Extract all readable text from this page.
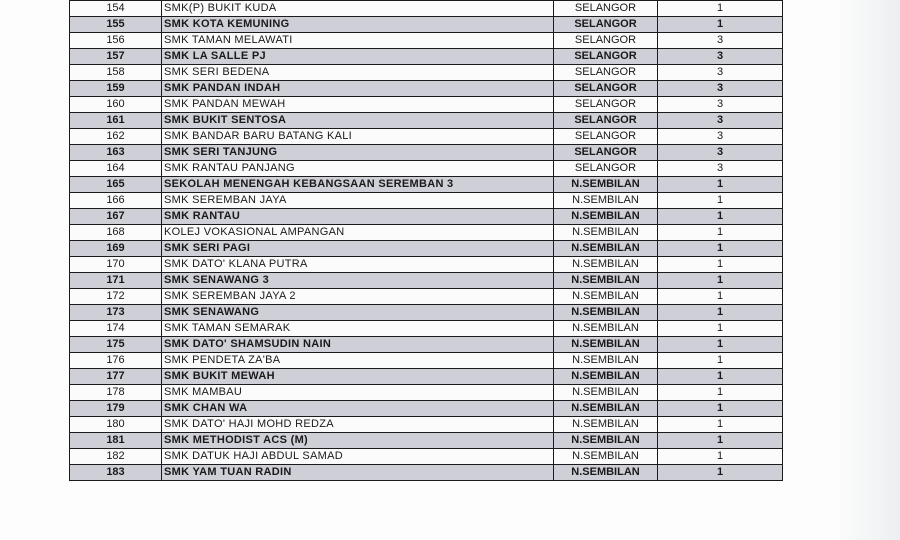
154	SMK(P) BUKIT KUDA	SELANGOR	1
155	SMK KOTA KEMUNING	SELANGOR	1
156	SMK TAMAN MELAWATI	SELANGOR	3
157	SMK LA SALLE PJ	SELANGOR	3
158	SMK SERI BEDENA	SELANGOR	3
159	SMK PANDAN INDAH	SELANGOR	3
160	SMK PANDAN MEWAH	SELANGOR	3
161	SMK BUKIT SENTOSA	SELANGOR	3
162	SMK BANDAR BARU BATANG KALI	SELANGOR	3
163	SMK SERI TANJUNG	SELANGOR	3
164	SMK RANTAU PANJANG	SELANGOR	3
165	SEKOLAH MENENGAH KEBANGSAAN SEREMBAN 3	N.SEMBILAN	1
166	SMK SEREMBAN JAYA	N.SEMBILAN	1
167	SMK RANTAU	N.SEMBILAN	1
168	KOLEJ VOKASIONAL AMPANGAN	N.SEMBILAN	1
169	SMK SERI PAGI	N.SEMBILAN	1
170	SMK DATO' KLANA PUTRA	N.SEMBILAN	1
171	SMK SENAWANG 3	N.SEMBILAN	1
172	SMK SEREMBAN JAYA 2	N.SEMBILAN	1
173	SMK SENAWANG	N.SEMBILAN	1
174	SMK TAMAN SEMARAK	N.SEMBILAN	1
175	SMK DATO' SHAMSUDIN NAIN	N.SEMBILAN	1
176	SMK PENDETA ZA'BA	N.SEMBILAN	1
177	SMK BUKIT MEWAH	N.SEMBILAN	1
178	SMK MAMBAU	N.SEMBILAN	1
179	SMK CHAN WA	N.SEMBILAN	1
180	SMK DATO' HAJI MOHD REDZA	N.SEMBILAN	1
181	SMK METHODIST ACS (M)	N.SEMBILAN	1
182	SMK DATUK HAJI ABDUL SAMAD	N.SEMBILAN	1
183	SMK YAM TUAN RADIN	N.SEMBILAN	1
